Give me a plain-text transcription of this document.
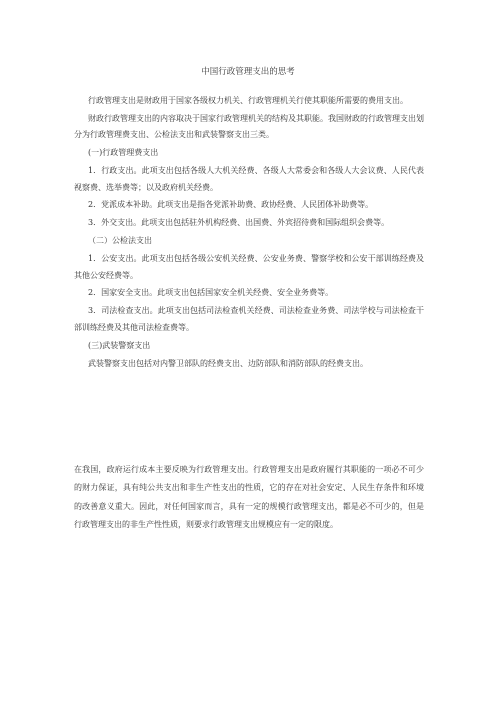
中国行政管理支出的思考

行政管理支出是财政用于国家各级权力机关、行政管理机关行使其职能所需要的费用支出。

财政行政管理支出的内容取决于国家行政管理机关的结构及其职能。我国财政的行政管理支出划分为行政管理费支出、公检法支出和武装警察支出三类。

(一)行政管理费支出

1．行政支出。此项支出包括各级人大机关经费、各级人大常委会和各级人大会议费、人民代表视察费、选举费等；以及政府机关经费。

2．党派成本补助。此项支出是指各党派补助费、政协经费、人民团体补助费等。

3．外交支出。此项支出包括驻外机构经费、出国费、外宾招待费和国际组织会费等。

（二）公检法支出

1．公安支出。此项支出包括各级公安机关经费、公安业务费、警察学校和公安干部训练经费及其他公安经费等。

2．国家安全支出。此项支出包括国家安全机关经费、安全业务费等。

3．司法检查支出。此项支出包括司法检查机关经费、司法检查业务费、司法学校与司法检查干部训练经费及其他司法检查费等。

(三)武装警察支出

武装警察支出包括对内警卫部队的经费支出、边防部队和消防部队的经费支出。

在我国，政府运行成本主要反映为行政管理支出。行政管理支出是政府履行其职能的一项必不可少的财力保证，具有纯公共支出和非生产性支出的性质，它的存在对社会安定、人民生存条件和环境的改善意义重大。因此，对任何国家而言，具有一定的规模行政管理支出，都是必不可少的，但是行政管理支出的非生产性性质，则要求行政管理支出规模应有一定的限度。
